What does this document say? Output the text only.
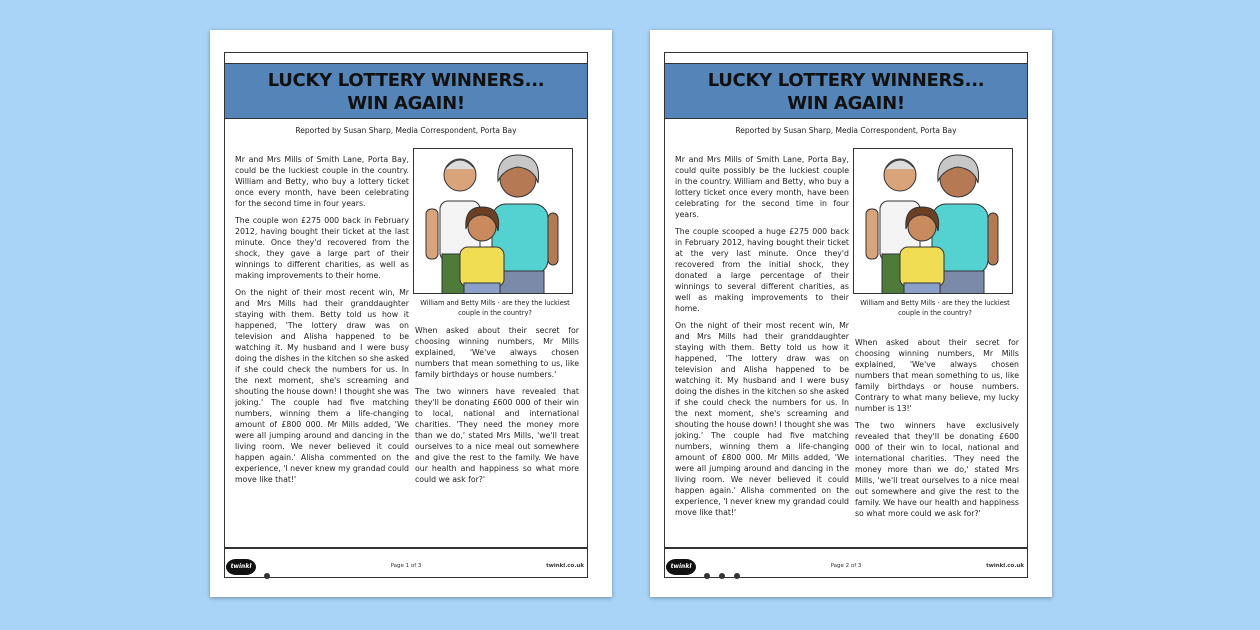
LUCKY LOTTERY WINNERS...
WIN AGAIN!
Reported by Susan Sharp, Media Correspondent, Porta Bay

Mr and Mrs Mills of Smith Lane, Porta Bay, could be the luckiest couple in the country. William and Betty, who buy a lottery ticket once every month, have been celebrating for the second time in four years.

The couple won £275 000 back in February 2012, having bought their ticket at the last minute. Once they'd recovered from the shock, they gave a large part of their winnings to different charities, as well as making improvements to their home.

On the night of their most recent win, Mr and Mrs Mills had their granddaughter staying with them. Betty told us how it happened, 'The lottery draw was on television and Alisha happened to be watching it. My husband and I were busy doing the dishes in the kitchen so she asked if she could check the numbers for us. In the next moment, she's screaming and shouting the house down! I thought she was joking.' The couple had five matching numbers, winning them a life-changing amount of £800 000. Mr Mills added, 'We were all jumping around and dancing in the living room. We never believed it could happen again.' Alisha commented on the experience, 'I never knew my grandad could move like that!'

William and Betty Mills - are they the luckiest couple in the country?

When asked about their secret for choosing winning numbers, Mr Mills explained, 'We've always chosen numbers that mean something to us, like family birthdays or house numbers.'

The two winners have revealed that they'll be donating £600 000 of their win to local, national and international charities. 'They need the money more than we do,' stated Mrs Mills, 'we'll treat ourselves to a nice meal out somewhere and give the rest to the family. We have our health and happiness so what more could we ask for?'

twinkl	Page 1 of 3	twinkl.co.uk
LUCKY LOTTERY WINNERS...
WIN AGAIN!
Reported by Susan Sharp, Media Correspondent, Porta Bay

Mr and Mrs Mills of Smith Lane, Porta Bay, could quite possibly be the luckiest couple in the country. William and Betty, who buy a lottery ticket once every month, have been celebrating for the second time in four years.

The couple scooped a huge £275 000 back in February 2012, having bought their ticket at the very last minute. Once they'd recovered from the initial shock, they donated a large percentage of their winnings to several different charities, as well as making improvements to their home.

On the night of their most recent win, Mr and Mrs Mills had their granddaughter staying with them. Betty told us how it happened, 'The lottery draw was on television and Alisha happened to be watching it. My husband and I were busy doing the dishes in the kitchen so she asked if she could check the numbers for us. In the next moment, she's screaming and shouting the house down! I thought she was joking.' The couple had five matching numbers, winning them a life-changing amount of £800 000. Mr Mills added, 'We were all jumping around and dancing in the living room. We never believed it could happen again.' Alisha commented on the experience, 'I never knew my grandad could move like that!'

William and Betty Mills - are they the luckiest couple in the country?

When asked about their secret for choosing winning numbers, Mr Mills explained, 'We've always chosen numbers that mean something to us, like family birthdays or house numbers. Contrary to what many believe, my lucky number is 13!'

The two winners have exclusively revealed that they'll be donating £600 000 of their win to local, national and international charities. 'They need the money more than we do,' stated Mrs Mills, 'we'll treat ourselves to a nice meal out somewhere and give the rest to the family. We have our health and happiness so what more could we ask for?'

twinkl
	Page 2 of 3	twinkl.co.uk
